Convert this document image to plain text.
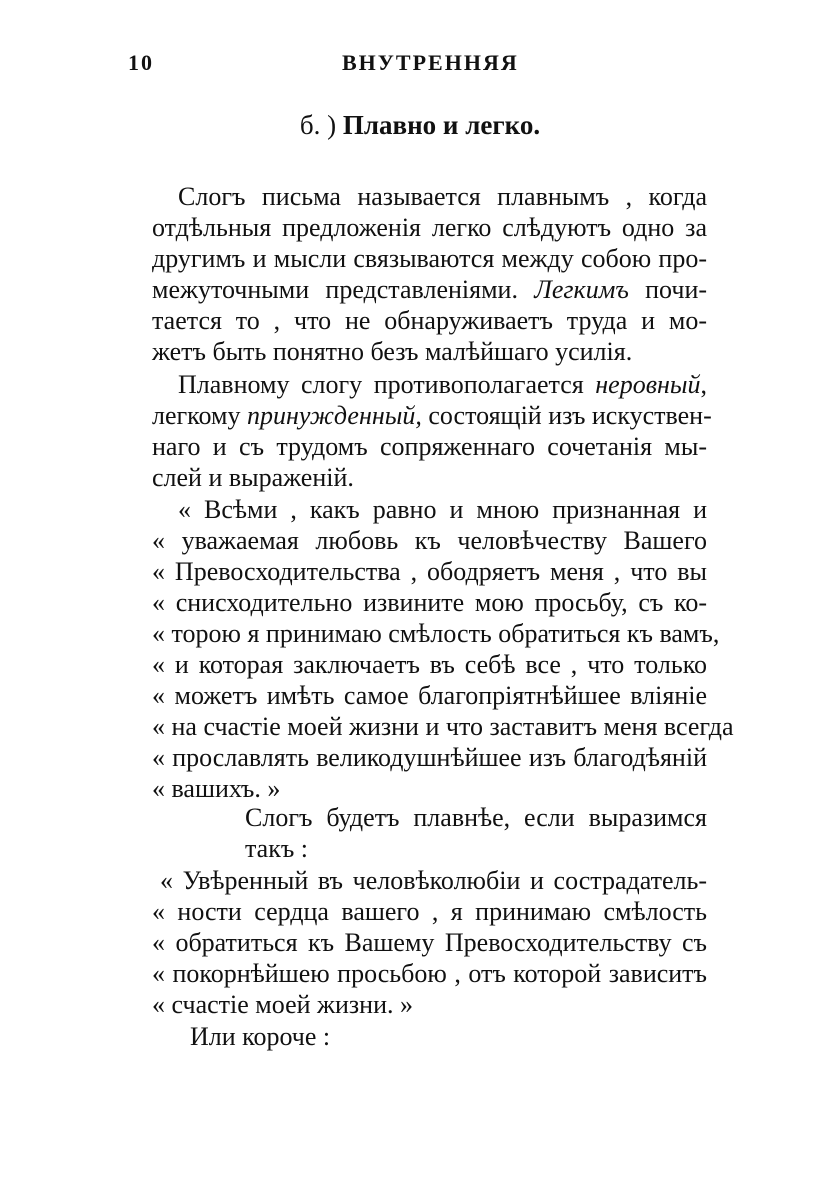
10	ВНУТРЕННЯЯ
б. ) Плавно и легко.
Слогъ письма называется плавнымъ , когда
отдѣльныя предложенія легко слѣдуютъ одно за
другимъ и мысли связываются между собою про-
межуточными представленіями. Легкимъ почи-
тается то , что не обнаруживаетъ труда и мо-
жетъ быть понятно безъ малѣйшаго усилія.
Плавному слогу противополагается неровный,
легкому принужденный, состоящій изъ искуствен-
наго и съ трудомъ сопряженнаго сочетанія мы-
слей и выраженій.
« Всѣми , какъ равно и мною признанная и
« уважаемая любовь къ человѣчеству Вашего
« Превосходительства , ободряетъ меня , что вы
« снисходительно извините мою просьбу, съ ко-
« торою я принимаю смѣлость обратиться къ вамъ,
« и которая заключаетъ въ себѣ все , что только
« можетъ имѣть самое благопріятнѣйшее вліяніе
« на счастіе моей жизни и что заставитъ меня всегда
« прославлять великодушнѣйшее изъ благодѣяній
« вашихъ. »
Слогъ будетъ плавнѣе, если выразимся
такъ :
« Увѣренный въ человѣколюбіи и сострадатель-
« ности сердца вашего , я принимаю смѣлость
« обратиться къ Вашему Превосходительству съ
« покорнѣйшею просьбою , отъ которой зависитъ
« счастіе моей жизни. »
Или короче :
